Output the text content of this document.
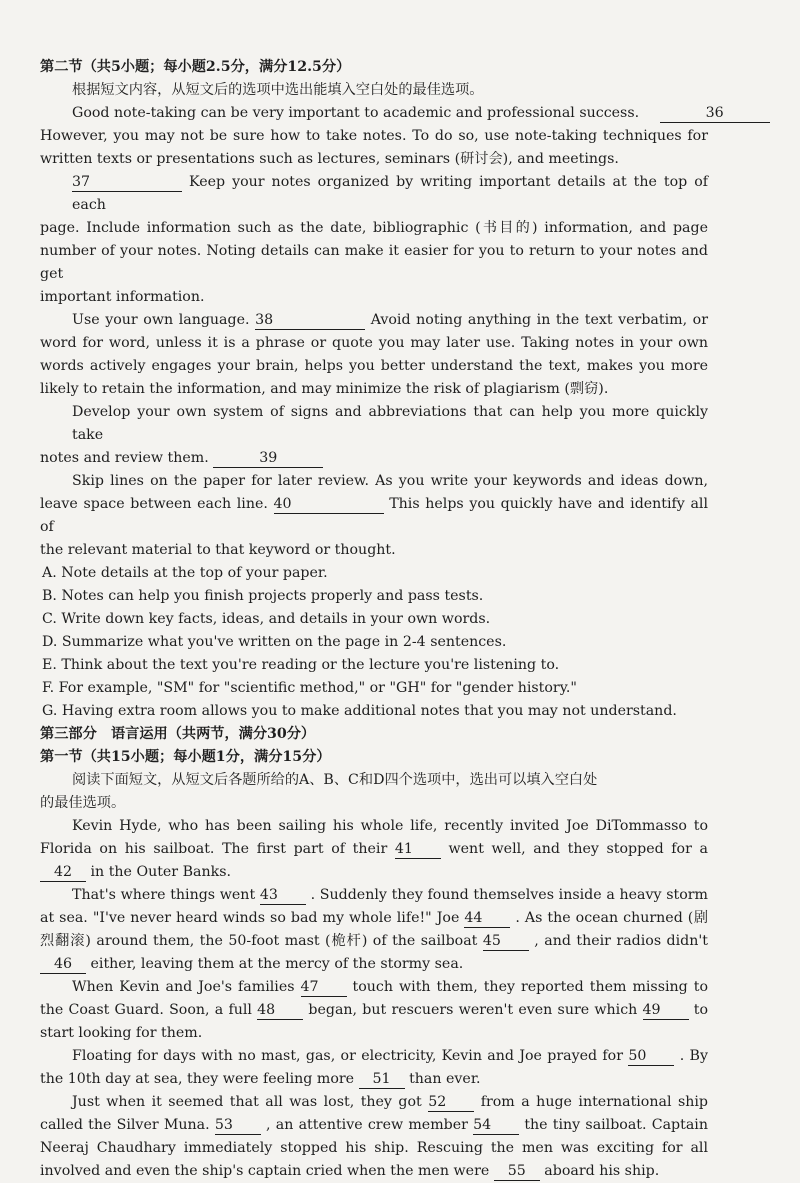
第二节（共5小题；每小题2.5分，满分12.5分）
根据短文内容，从短文后的选项中选出能填入空白处的最佳选项。
Good note-taking can be very important to academic and professional success.	36
However, you may not be sure how to take notes. To do so, use note-taking techniques for
written texts or presentations such as lectures, seminars (研讨会), and meetings.
37	Keep your notes organized by writing important details at the top of each
page. Include information such as the date, bibliographic (书目的) information, and page
number of your notes. Noting details can make it easier for you to return to your notes and get
important information.
Use your own language. 38	Avoid noting anything in the text verbatim, or
word for word, unless it is a phrase or quote you may later use. Taking notes in your own
words actively engages your brain, helps you better understand the text, makes you more
likely to retain the information, and may minimize the risk of plagiarism (剽窃).
Develop your own system of signs and abbreviations that can help you more quickly take
notes and review them.	39
Skip lines on the paper for later review. As you write your keywords and ideas down,
leave space between each line. 40	This helps you quickly have and identify all of
the relevant material to that keyword or thought.
A. Note details at the top of your paper.
B. Notes can help you finish projects properly and pass tests.
C. Write down key facts, ideas, and details in your own words.
D. Summarize what you've written on the page in 2-4 sentences.
E. Think about the text you're reading or the lecture you're listening to.
F. For example, "SM" for "scientific method," or "GH" for "gender history."
G. Having extra room allows you to make additional notes that you may not understand.
第三部分　语言运用（共两节，满分30分）
第一节（共15小题；每小题1分，满分15分）
阅读下面短文，从短文后各题所给的A、B、C和D四个选项中，选出可以填入空白处
的最佳选项。
Kevin Hyde, who has been sailing his whole life, recently invited Joe DiTommasso to
Florida on his sailboat. The first part of their 41	went well, and they stopped for a
42 in the Outer Banks.
That's where things went 43 . Suddenly they found themselves inside a heavy storm
at sea. "I've never heard winds so bad my whole life!" Joe 44 . As the ocean churned (剧
烈翻滚) around them, the 50-foot mast (桅杆) of the sailboat 45 , and their radios didn't
46 either, leaving them at the mercy of the stormy sea.
When Kevin and Joe's families 47 touch with them, they reported them missing to
the Coast Guard. Soon, a full 48 began, but rescuers weren't even sure which 49 to
start looking for them.
Floating for days with no mast, gas, or electricity, Kevin and Joe prayed for 50 . By
the 10th day at sea, they were feeling more 51 than ever.
Just when it seemed that all was lost, they got 52 from a huge international ship
called the Silver Muna. 53 , an attentive crew member 54 the tiny sailboat. Captain
Neeraj Chaudhary immediately stopped his ship. Rescuing the men was exciting for all
involved and even the ship's captain cried when the men were 55 aboard his ship.
